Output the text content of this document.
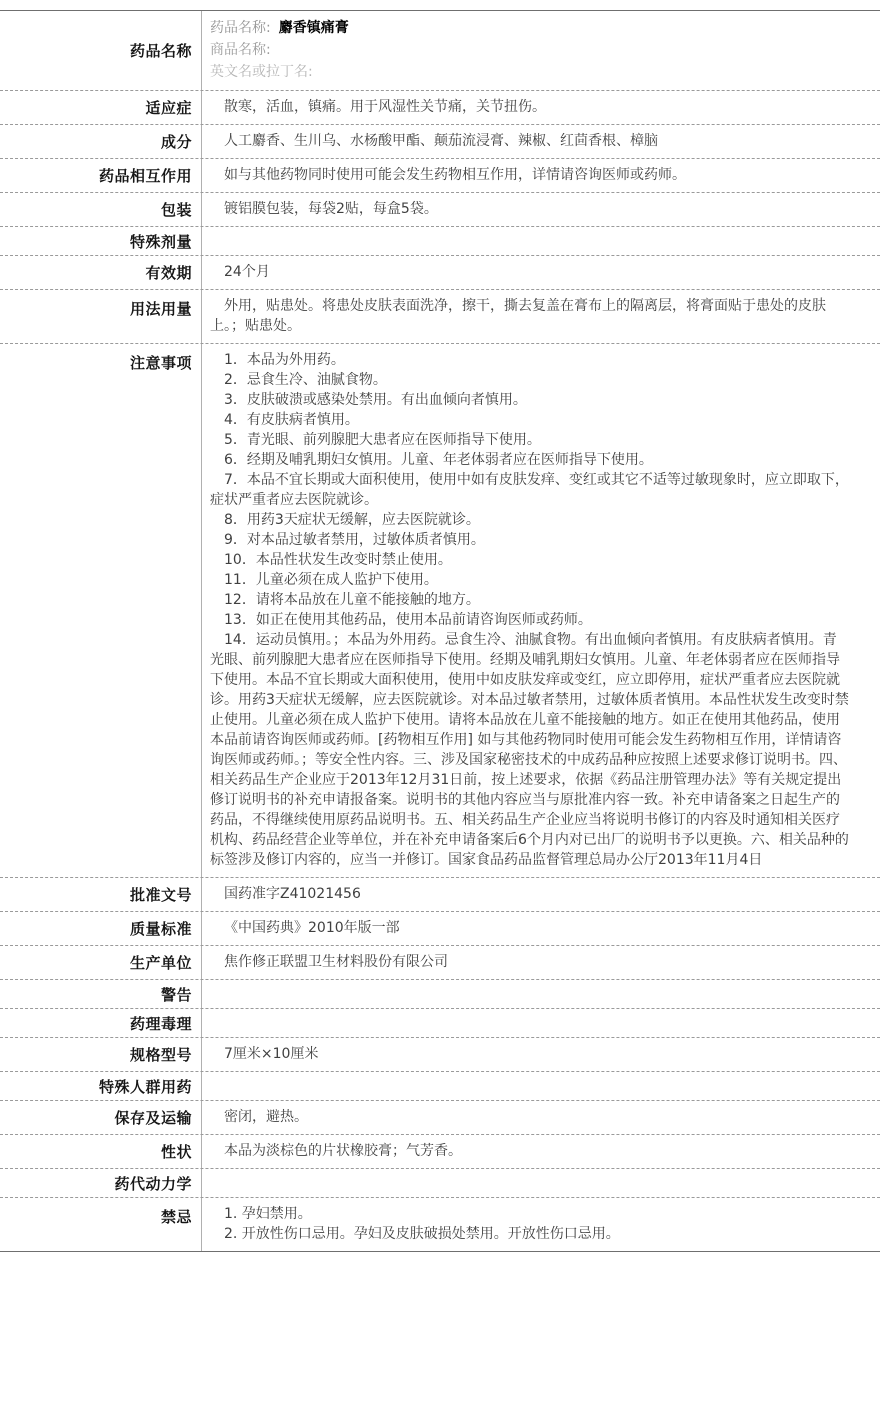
药品名称
药品名称: 麝香镇痛膏
商品名称:
英文名或拉丁名:
适应症	散寒，活血，镇痛。用于风湿性关节痛，关节扭伤。

成分	人工麝香、生川乌、水杨酸甲酯、颠茄流浸膏、辣椒、红茴香根、樟脑

药品相互作用	如与其他药物同时使用可能会发生药物相互作用，详情请咨询医师或药师。

包装	镀铝膜包装，每袋2贴，每盒5袋。

特殊剂量
有效期	24个月

用法用量	外用，贴患处。将患处皮肤表面洗净，擦干，撕去复盖在膏布上的隔离层，将膏面贴于患处的皮肤上。；贴患处。

注意事项	1．本品为外用药。

2．忌食生冷、油腻食物。

3．皮肤破溃或感染处禁用。有出血倾向者慎用。

4．有皮肤病者慎用。

5．青光眼、前列腺肥大患者应在医师指导下使用。

6．经期及哺乳期妇女慎用。儿童、年老体弱者应在医师指导下使用。

7．本品不宜长期或大面积使用，使用中如有皮肤发痒、变红或其它不适等过敏现象时，应立即取下，症状严重者应去医院就诊。

8．用药3天症状无缓解，应去医院就诊。

9．对本品过敏者禁用，过敏体质者慎用。

10．本品性状发生改变时禁止使用。

11．儿童必须在成人监护下使用。

12．请将本品放在儿童不能接触的地方。

13．如正在使用其他药品，使用本品前请咨询医师或药师。

14．运动员慎用。；本品为外用药。忌食生冷、油腻食物。有出血倾向者慎用。有皮肤病者慎用。青光眼、前列腺肥大患者应在医师指导下使用。经期及哺乳期妇女慎用。儿童、年老体弱者应在医师指导下使用。本品不宜长期或大面积使用，使用中如皮肤发痒或变红，应立即停用，症状严重者应去医院就诊。用药3天症状无缓解，应去医院就诊。对本品过敏者禁用，过敏体质者慎用。本品性状发生改变时禁止使用。儿童必须在成人监护下使用。请将本品放在儿童不能接触的地方。如正在使用其他药品，使用本品前请咨询医师或药师。[药物相互作用] 如与其他药物同时使用可能会发生药物相互作用，详情请咨询医师或药师。；等安全性内容。三、涉及国家秘密技术的中成药品种应按照上述要求修订说明书。四、相关药品生产企业应于2013年12月31日前，按上述要求，依据《药品注册管理办法》等有关规定提出修订说明书的补充申请报备案。说明书的其他内容应当与原批准内容一致。补充申请备案之日起生产的药品，不得继续使用原药品说明书。五、相关药品生产企业应当将说明书修订的内容及时通知相关医疗机构、药品经营企业等单位，并在补充申请备案后6个月内对已出厂的说明书予以更换。六、相关品种的标签涉及修订内容的，应当一并修订。国家食品药品监督管理总局办公厅2013年11月4日

批准文号	国药准字Z41021456

质量标准	《中国药典》2010年版一部

生产单位	焦作修正联盟卫生材料股份有限公司

警告
药理毒理
规格型号	7厘米×10厘米

特殊人群用药
保存及运输	密闭，避热。

性状	本品为淡棕色的片状橡胶膏；气芳香。

药代动力学
禁忌	1. 孕妇禁用。

2. 开放性伤口忌用。孕妇及皮肤破损处禁用。开放性伤口忌用。
